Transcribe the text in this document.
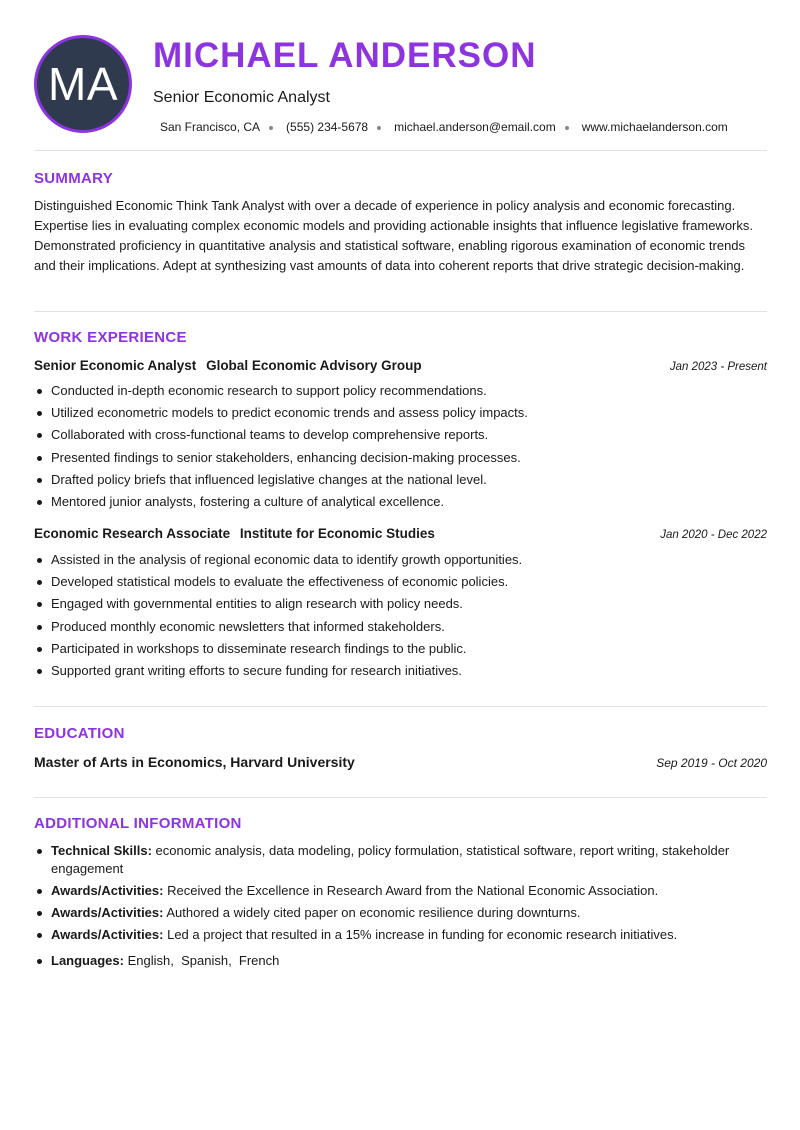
MA
MICHAEL ANDERSON
Senior Economic Analyst
San Francisco, CA (555) 234-5678 michael.anderson@email.com www.michaelanderson.com
SUMMARY

Distinguished Economic Think Tank Analyst with over a decade of experience in policy analysis and economic forecasting. Expertise lies in evaluating complex economic models and providing actionable insights that influence legislative frameworks. Demonstrated proficiency in quantitative analysis and statistical software, enabling rigorous examination of economic trends and their implications. Adept at synthesizing vast amounts of data into coherent reports that drive strategic decision-making.

WORK EXPERIENCE
Senior Economic Analyst Global Economic Advisory Group	Jan 2023 - Present
Conducted in-depth economic research to support policy recommendations.
Utilized econometric models to predict economic trends and assess policy impacts.
Collaborated with cross-functional teams to develop comprehensive reports.
Presented findings to senior stakeholders, enhancing decision-making processes.
Drafted policy briefs that influenced legislative changes at the national level.
Mentored junior analysts, fostering a culture of analytical excellence.
Economic Research Associate Institute for Economic Studies	Jan 2020 - Dec 2022
Assisted in the analysis of regional economic data to identify growth opportunities.
Developed statistical models to evaluate the effectiveness of economic policies.
Engaged with governmental entities to align research with policy needs.
Produced monthly economic newsletters that informed stakeholders.
Participated in workshops to disseminate research findings to the public.
Supported grant writing efforts to secure funding for research initiatives.
EDUCATION
Master of Arts in Economics, Harvard University	Sep 2019 - Oct 2020
ADDITIONAL INFORMATION
Technical Skills: economic analysis, data modeling, policy formulation, statistical software, report writing, stakeholder engagement
Awards/Activities: Received the Excellence in Research Award from the National Economic Association.
Awards/Activities: Authored a widely cited paper on economic resilience during downturns.
Awards/Activities: Led a project that resulted in a 15% increase in funding for economic research initiatives.
Languages: English ,  Spanish ,  French
